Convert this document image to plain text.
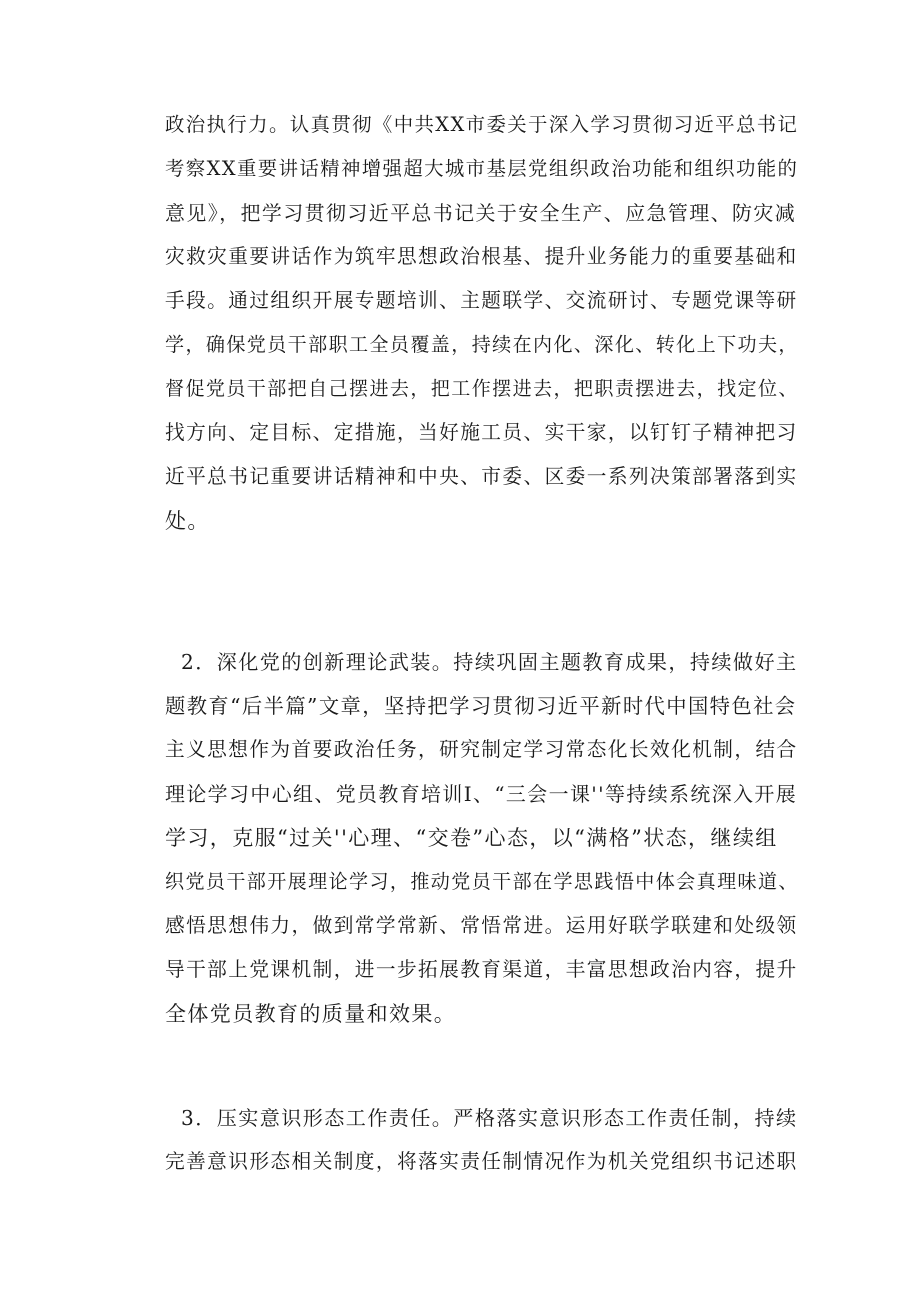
政治执行力。认真贯彻《中共XX市委关于深入学习贯彻习近平总书记
考察XX重要讲话精神增强超大城市基层党组织政治功能和组织功能的
意见》，把学习贯彻习近平总书记关于安全生产、应急管理、防灾减
灾救灾重要讲话作为筑牢思想政治根基、提升业务能力的重要基础和
手段。通过组织开展专题培训、主题联学、交流研讨、专题党课等研
学，确保党员干部职工全员覆盖，持续在内化、深化、转化上下功夫，
督促党员干部把自己摆进去，把工作摆进去，把职责摆进去，找定位、
找方向、定目标、定措施，当好施工员、实干家，以钉钉子精神把习
近平总书记重要讲话精神和中央、市委、区委一系列决策部署落到实
处。
2．深化党的创新理论武装。持续巩固主题教育成果，持续做好主
题教育“后半篇”文章，坚持把学习贯彻习近平新时代中国特色社会
主义思想作为首要政治任务，研究制定学习常态化长效化机制，结合
理论学习中心组、党员教育培训I、“三会一课''等持续系统深入开展
学习，克服“过关''心理、“交卷”心态，以“满格”状态，继续组
织党员干部开展理论学习，推动党员干部在学思践悟中体会真理味道、
感悟思想伟力，做到常学常新、常悟常进。运用好联学联建和处级领
导干部上党课机制，进一步拓展教育渠道，丰富思想政治内容，提升
全体党员教育的质量和效果。
3．压实意识形态工作责任。严格落实意识形态工作责任制，持续
完善意识形态相关制度，将落实责任制情况作为机关党组织书记述职
